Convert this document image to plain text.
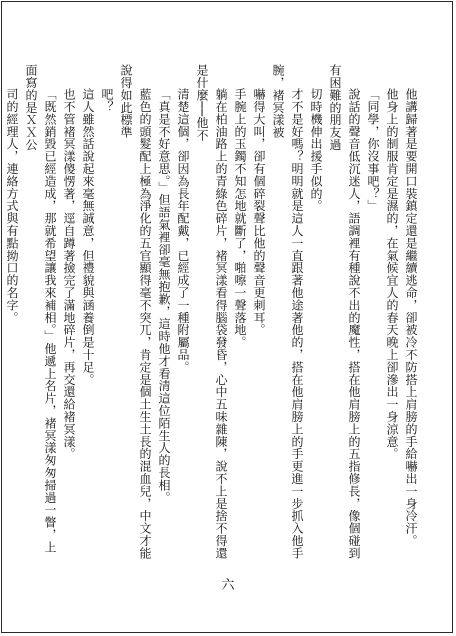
他講歸著是要開口裝鎮定還是繼續逃命，卻被冷不防搭上肩膀的手給嚇出一身冷汗。

他身上的制服肯定是濕的，在氣候宜人的春天晚上卻滲出一身涼意。

「同學，你沒事吧？」

說話的聲音低沉迷人，語調裡有種說不出的魔性，搭在他肩膀上的五指修長，像個碰到有困難的朋友過

切時機伸出援手似的。

才不是好嗎？明明就是這人一直跟著他途著他的，搭在他肩膀上的手更進一步抓入他手腕，褚冥漾被

嚇得大叫，卻有個碎裂聲比他的聲音更刺耳。

手腕上的玉鐲不知怎地就斷了，啪嚓一聲落地。

躺在柏油路上的青綠色碎片，褚冥漾看得腦袋發昏，心中五味雜陳，說不上是捨不得還是什麼──他不

清楚這個，卻因為長年配戴，已經成了一種附屬品。

「真是不好意思。」但語氣裡卻毫無抱歉，這時他才看清這位陌生人的長相。

藍色的頭髮配上極為淨化的五官顯得毫不突兀，肯定是個土生土長的混血兒，中文才能說得如此標準

吧？

這人雖然話說起來毫無誠意，但禮貌與涵養倒是十足。

也不管褚冥漾傻愣著，逕自蹲著撿完了滿地碎片，再交還給褚冥漾。

「既然銷毀已經造成，那就希望讓我來補相。」他遞上名片，褚冥漾匆匆掃過一瞥，上面寫的是ＸＸ公

司的經理人，連絡方式與有點拗口的名字。

六
